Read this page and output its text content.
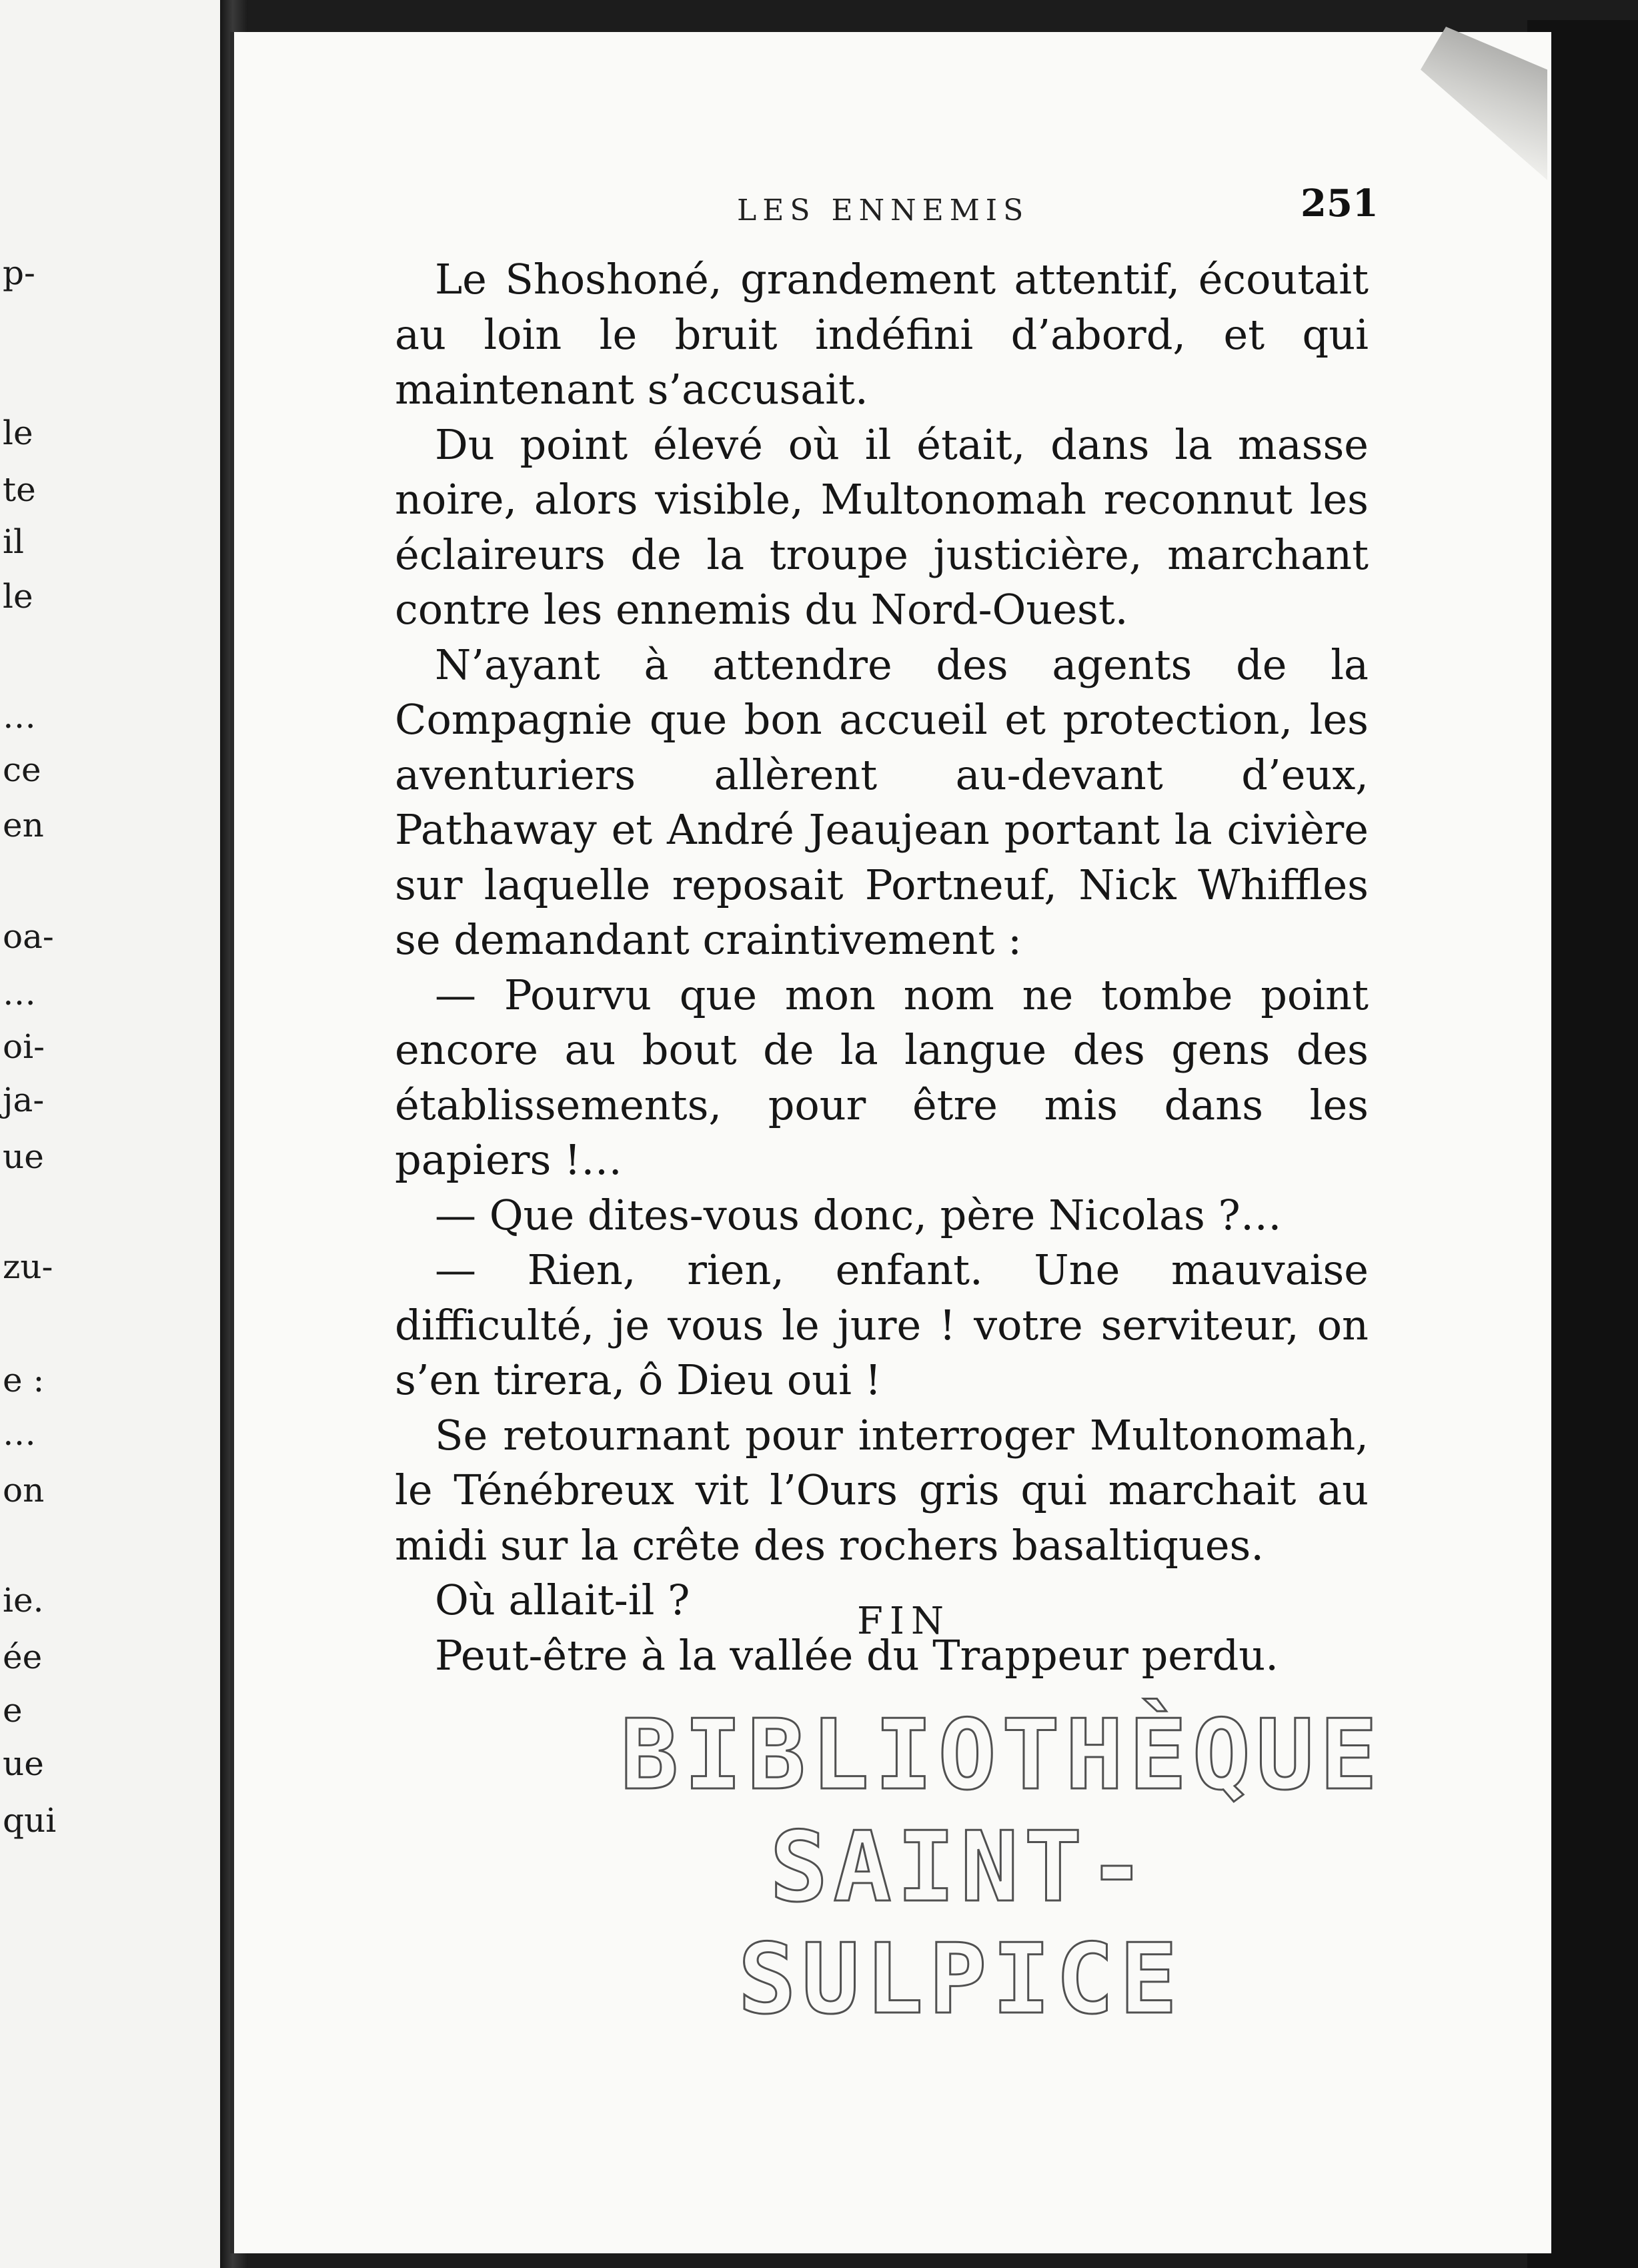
p-
le
te
il
le
…
ce
en
oa-
…
oi-
ja-
ue
zu-
e :
…
on
ie.
ée
e
ue
qui
LES ENNEMIS	251

Le Shoshoné, grandement attentif, écoutait au loin le bruit indéfini d’abord, et qui maintenant s’accusait.

Du point élevé où il était, dans la masse noire, alors visible, Multonomah reconnut les éclaireurs de la troupe justicière, marchant contre les ennemis du Nord-Ouest.

N’ayant à attendre des agents de la Compagnie que bon accueil et protection, les aventuriers allèrent au-devant d’eux, Pathaway et André Jeaujean portant la civière sur laquelle reposait Portneuf, Nick Whiffles se demandant craintivement :

— Pourvu que mon nom ne tombe point encore au bout de la langue des gens des établissements, pour être mis dans les papiers !…

— Que dites-vous donc, père Nicolas ?…

— Rien, rien, enfant. Une mauvaise difficulté, je vous le jure ! votre serviteur, on s’en tirera, ô Dieu oui !

Se retournant pour interroger Multonomah, le Ténébreux vit l’Ours gris qui marchait au midi sur la crête des rochers basaltiques.

Où allait-il ?

Peut-être à la vallée du Trappeur perdu.

FIN
BIBLIOTHÈQUE
SAINT-SULPICE
